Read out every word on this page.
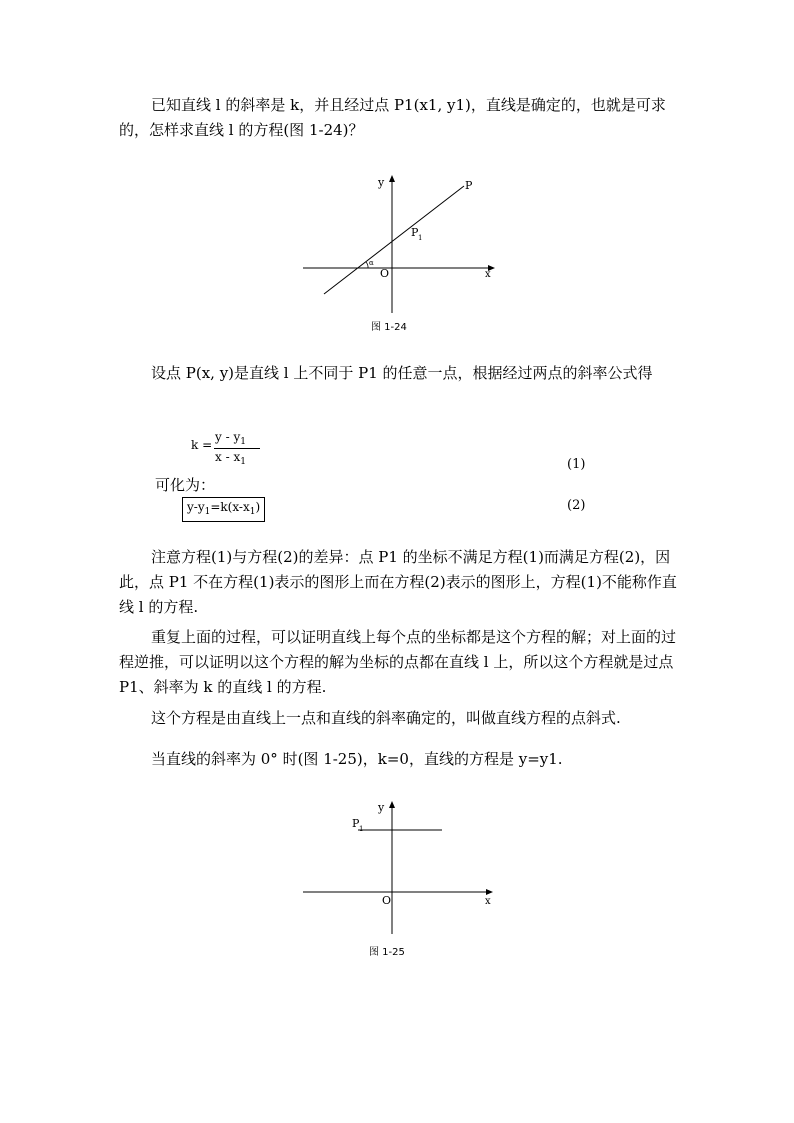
已知直线 l 的斜率是 k，并且经过点 P1(x1, y1)，直线是确定的，也就是可求的，怎样求直线 l 的方程(图 1-24)？

α
y
x
O
P
P 1
图 1-24

设点 P(x, y)是直线 l 上不同于 P1 的任意一点，根据经过两点的斜率公式得

k =
y - $y_1$
x - $x_1$	(1)
可化为：
$y-y_1=k(x-x_1)$	(2)

注意方程(1)与方程(2)的差异：点 P1 的坐标不满足方程(1)而满足方程(2)，因此，点 P1 不在方程(1)表示的图形上而在方程(2)表示的图形上，方程(1)不能称作直线 l 的方程.

重复上面的过程，可以证明直线上每个点的坐标都是这个方程的解；对上面的过程逆推，可以证明以这个方程的解为坐标的点都在直线 l 上，所以这个方程就是过点 P1、斜率为 k 的直线 l 的方程.

这个方程是由直线上一点和直线的斜率确定的，叫做直线方程的点斜式.

当直线的斜率为 0° 时(图 1-25)，k=0，直线的方程是 y=y1.

y
x
O
P 1
图 1-25
